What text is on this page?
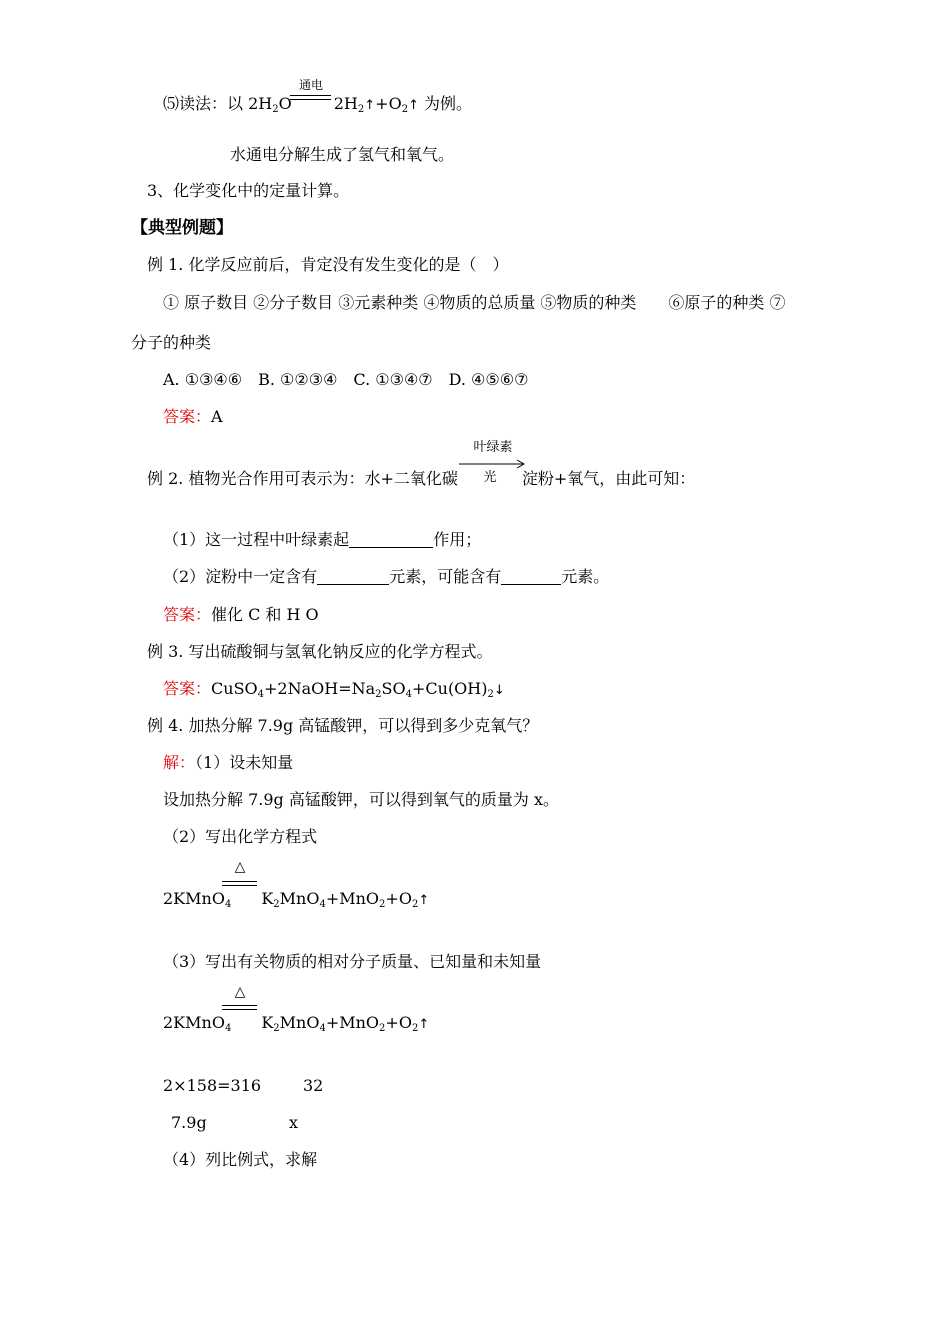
⑸读法：以 $2H_2O$	$2H_2↑+O_2↑$ 为例。
通电
水通电分解生成了氢气和氧气。
3、化学变化中的定量计算。
【典型例题】
例 1. 化学反应前后，肯定没有发生变化的是（　）
① 原子数目 ②分子数目 ③元素种类 ④物质的总质量 ⑤物质的种类　　⑥原子的种类 ⑦
分子的种类
A. ①③④⑥　B. ①②③④　C. ①③④⑦　D. ④⑤⑥⑦
答案：A
叶绿素
光
例 2. 植物光合作用可表示为：水+二氧化碳	淀粉+氧气，由此可知：
（1）这一过程中叶绿素起	作用；
（2）淀粉中一定含有	元素，可能含有	元素。
答案：催化 C 和 H O
例 3. 写出硫酸铜与氢氧化钠反应的化学方程式。
答案：$CuSO_4+2NaOH=Na_2SO_4+Cu(OH)_2↓$
例 4. 加热分解 7.9g 高锰酸钾，可以得到多少克氧气？
解：（1）设未知量
设加热分解 7.9g 高锰酸钾，可以得到氧气的质量为 x。
（2）写出化学方程式
△
2KMnO$_4$ $K_2MnO_4+MnO_2+O_2↑$
（3）写出有关物质的相对分子质量、已知量和未知量
△
2KMnO$_4$ $K_2MnO_4+MnO_2+O_2↑$
2×158=316	32
7.9g	x
（4）列比例式，求解
